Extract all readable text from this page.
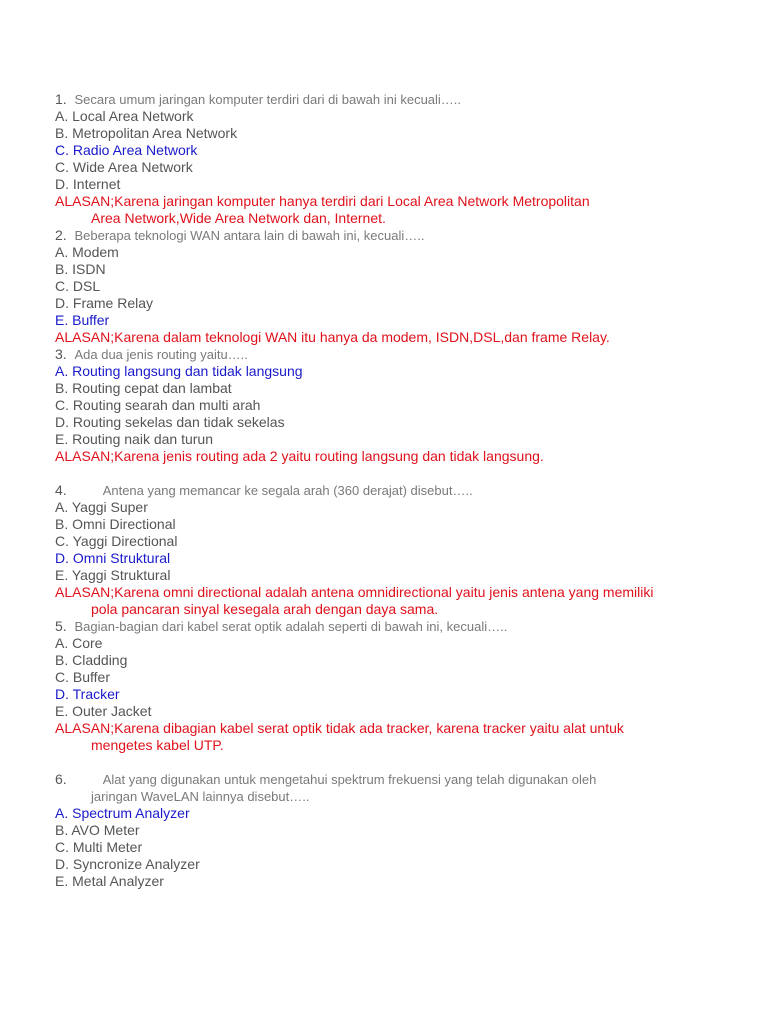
1. Secara umum jaringan komputer terdiri dari di bawah ini kecuali…..
A. Local Area Network
B. Metropolitan Area Network
C. Radio Area Network
C. Wide Area Network
D. Internet
ALASAN;Karena jaringan komputer hanya terdiri dari Local Area Network Metropolitan
Area Network,Wide Area Network dan, Internet.
2. Beberapa teknologi WAN antara lain di bawah ini, kecuali…..
A. Modem
B. ISDN
C. DSL
D. Frame Relay
E. Buffer
ALASAN;Karena dalam teknologi WAN itu hanya da modem, ISDN,DSL,dan frame Relay.
3. Ada dua jenis routing yaitu…..
A. Routing langsung dan tidak langsung
B. Routing cepat dan lambat
C. Routing searah dan multi arah
D. Routing sekelas dan tidak sekelas
E. Routing naik dan turun
ALASAN;Karena jenis routing ada 2 yaitu routing langsung dan tidak langsung.
4.	Antena yang memancar ke segala arah (360 derajat) disebut…..
A. Yaggi Super
B. Omni Directional
C. Yaggi Directional
D. Omni Struktural
E. Yaggi Struktural
ALASAN;Karena omni directional adalah antena omnidirectional yaitu jenis antena yang memiliki
pola pancaran sinyal kesegala arah dengan daya sama.
5. Bagian-bagian dari kabel serat optik adalah seperti di bawah ini, kecuali…..
A. Core
B. Cladding
C. Buffer
D. Tracker
E. Outer Jacket
ALASAN;Karena dibagian kabel serat optik tidak ada tracker, karena tracker yaitu alat untuk
mengetes kabel UTP.
6.	Alat yang digunakan untuk mengetahui spektrum frekuensi yang telah digunakan oleh
jaringan WaveLAN lainnya disebut…..
A. Spectrum Analyzer
B. AVO Meter
C. Multi Meter
D. Syncronize Analyzer
E. Metal Analyzer
